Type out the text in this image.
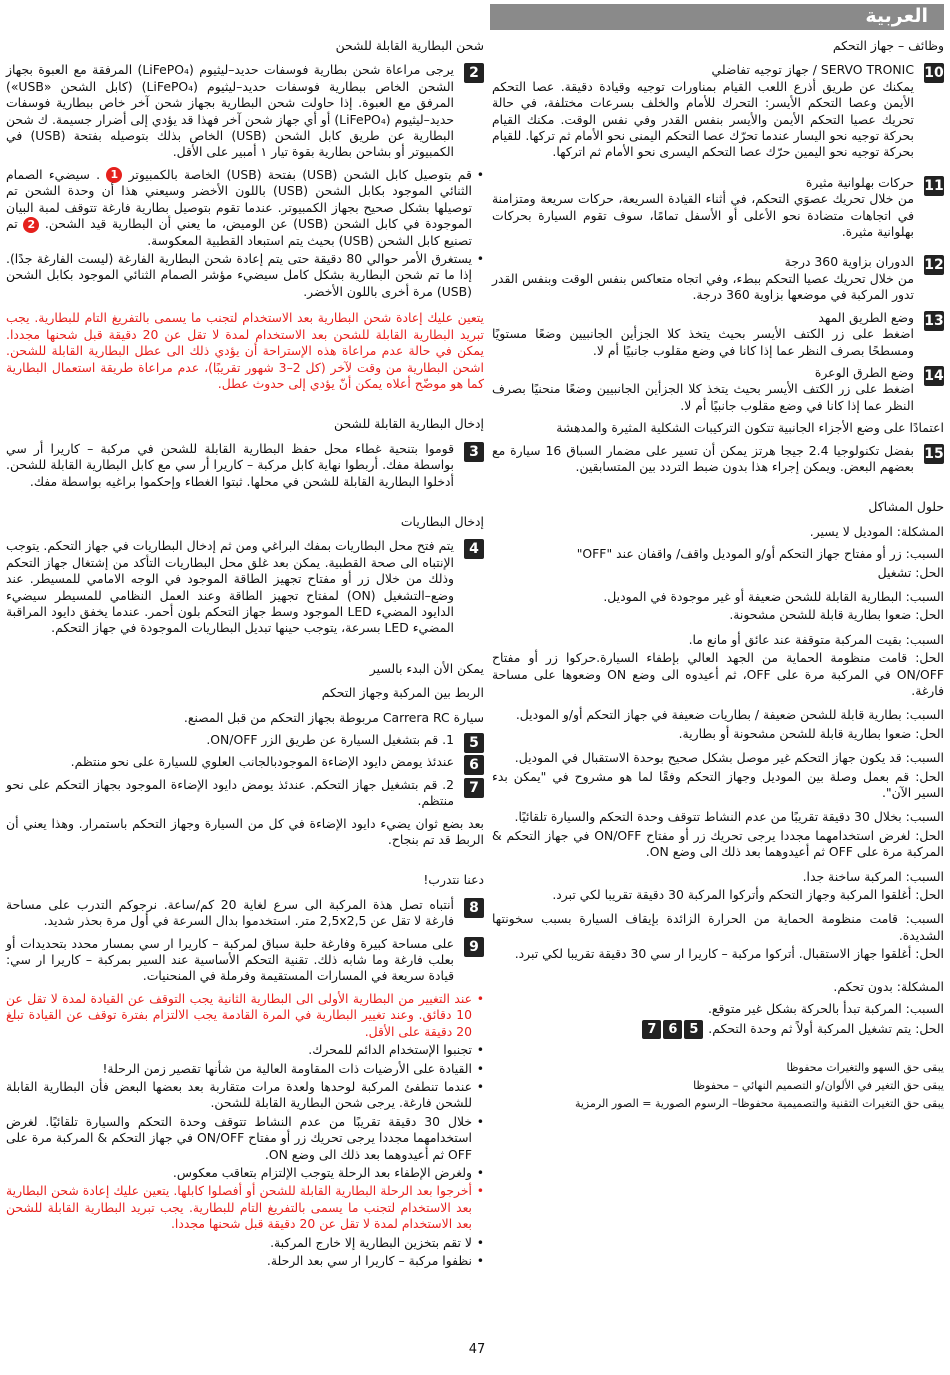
العربية
شحن البطارية القابلة للشحن
2

يرجى مراعاة شحن بطارية فوسفات حديد–ليثيوم (LiFePO₄) المرفقة مع العبوة بجهاز الشحن الخاص ببطارية فوسفات حديد–ليثيوم (LiFePO₄) (كابل الشحن «USB») المرفق مع العبوة. إذا حاولت شحن البطارية بجهاز شحن آخر خاص ببطارية فوسفات حديد–ليثيوم (LiFePO₄) أو أي جهاز شحن آخر فهذا قد يؤدي إلى أضرار جسيمة. ك شحن البطارية عن طريق كابل الشحن (USB) الخاص بذلك بتوصيله بفتحة (USB) في الكمبيوتر أو بشاحن بطارية بقوة تيار ١ أمبير على الأقل.

• قم بتوصيل كابل الشحن (USB) بفتحة (USB) الخاصة بالكمبيوتر 1 . سيضيء الصمام الثنائي الموجود بكابل الشحن (USB) باللون الأخضر وسيعني هذا أن وحدة الشحن تم توصيلها بشكل صحيح بجهاز الكمبيوتر. عندما تقوم بتوصيل بطارية فارغة تتوقف لمبة البيان الموجودة في كابل الشحن (USB) عن الوميض، ما يعني أن البطارية قيد الشحن. 2 تم تصنيع كابل الشحن (USB) بحيث يتم استبعاد القطبية المعكوسة.
• يستغرق الأمر حوالي 80 دقيقة حتى يتم إعادة شحن البطارية الفارغة (ليست الفارغة جدًا). إذا ما تم شحن البطارية بشكل كامل سيضيء مؤشر الصمام الثنائي الموجود بكابل الشحن (USB) مرة أخرى باللون الأخضر.

يتعين عليك إعادة شحن البطارية بعد الاستخدام لتجنب ما يسمى بالتفريغ التام للبطارية. يجب تبريد البطارية القابلة للشحن بعد الاستخدام لمدة لا تقل عن 20 دقيقة قبل شحنها مجددا. يمكن في حالة عدم مراعاة هذه الإستراحة أن يؤدي ذلك الى عطل البطارية القابلة للشحن. اشحن البطارية من وقت لآخر (كل 2–3 شهور تقريبًا)، عدم مراعاة طريقة استعمال البطارية كما هو موضّح أعلاه يمكن أنّ يؤدي إلى حدوث عطل.

إدخال البطارية القابلة للشحن
3

قوموا بتنحية غطاء محل حفظ البطارية القابلة للشحن في مركبة – كاريرا أر سي بواسطة مفك. أربطوا نهاية كابل مركبة – كاريرا أر سي مع كابل البطارية القابلة للشحن. أدخلوا البطارية القابلة للشحن في محلها. ثبتوا الغطاء وإحكموا براغيه بواسطة مفك.

إدخال البطاريات
4

يتم فتح محل البطاريات بمفك البراغي ومن ثم إدخال البطاريات في جهاز التحكم. يتوجب الإنتباه الى صحة القطبية. يمكن بعد غلق محل البطاريات التأكد من إشتغال جهاز التحكم وذلك من خلال زر أو مفتاح تجهيز الطاقة الموجود في الوجه الامامي للمسيطر. عند وضع–التشغيل (ON) لمفتاح تجهيز الطاقة وعند العمل النظامي للمسيطر سيضيء الدايود المضيء LED الموجود وسط جهاز التحكم بلون أحمر. عندما يخفق دايود المراقبة المضيء LED بسرعة، يتوجب حينها تبديل البطاريات الموجودة في جهاز التحكم.

يمكن الأن البدء بالسير
الربط بين المركبة وجهاز التحكم

سيارة Carrera RC مربوطة بجهاز التحكم من قبل المصنع.

5

1. قم بتشغيل السيارة عن طريق الزر ON/OFF.

6

عندئذ يومض دايود الإضاءة الموجودبالجانب العلوي للسيارة على نحو منتظم.

7

2. قم بتشغيل جهاز التحكم. عندئذ يومض دايود الإضاءة الموجود بجهاز التحكم على نحو منتظم.

بعد بضع ثوان يضيء دايود الإضاءة في كل من السيارة وجهاز التحكم باستمرار. وهذا يعني أن الربط قد تم بنجاح.

دعنا نتدرب!
8

أنتباه تصل هذة المركبة الى سرع لغاية 20 كم/ساعة. نرجوكم التدرب على مساحة فارغة لا تقل عن 2,5x2,5 متر. استخدموا بدال السرعة في أول مرة بحذر شديد.

9

على مساحة كبيرة وفارغة حلبة سباق لمركبة – كاريرا ار سي بمسار محدد بتحديدات أو بعلب فارغة وما شابه ذلك. تقنية التحكم الأساسية عند السير بمركبة – كاريرا ار سي: قيادة سريعة في المسارات المستقيمة وفرملة في المنحنيات.

• عند التغيير من البطارية الأولى الى البطارية الثانية يجب التوقف عن القيادة لمدة لا تقل عن 10 دقائق. وعند تغيير البطارية في المرة القادمة يجب الالتزام بفترة توقف عن القيادة تبلغ 20 دقيقة على الأقل.
• تجنبوا الإستخدام الدائم للمحرك.
• القيادة على الأرضيات ذات المقاومة العالية من شأنها تقصير زمن الرحلة!
• عندما تنطفئ المركبة لوحدها ولعدة مرات متقاربة بعد بعضها البعض فأن البطارية القابلة للشحن فارغة. يرجى شحن البطارية القابلة للشحن.
• خلال 30 دقيقة تقريبًا من عدم النشاط تتوقف وحدة التحكم والسيارة تلقائيًا. لغرض استخدامهما مجددا يرجى تحريك زر أو مفتاح ON/OFF في جهاز التحكم & المركبة مرة على OFF ثم أعيدوهما بعد ذلك الى وضع ON.
• ولغرض الإطفاء بعد الرحلة يتوجب الإلتزام بتعاقب معكوس.
• أخرجوا بعد الرحلة البطارية القابلة للشحن أو أفصلوا كابلها. يتعين عليك إعادة شحن البطارية بعد الاستخدام لتجنب ما يسمى بالتفريغ التام للبطارية. يجب تبريد البطارية القابلة للشحن بعد الاستخدام لمدة لا تقل عن 20 دقيقة قبل شحنها مجددا.
• لا تقم بتخزين البطارية إلا خارج المركبة.
• نظفوا مركبة – كاريرا ار سي بعد الرحلة.
وظائف – جهاز التحكم
10

SERVO TRONIC / جهاز توجيه تفاضلي

يمكنك عن طريق أذرع اللعب القيام بمناورات توجيه وقيادة دقيقة. عصا التحكم الأيمن وعصا التحكم الأيسر: التحرك للأمام والخلف بسرعات مختلفة، في حالة تحريك عصيا التحكم الأيمن والأيسر بنفس القدر وفي نفس الوقت. مكنك القيام بحركة توجيه نحو اليسار عندما تحرّك عصا التحكم اليمنى نحو الأمام ثم تركها. للقيام بحركة توجيه نحو اليمين حرّك عصا التحكم اليسرى نحو الأمام ثم اتركها.

11

حركات بهلوانية مثيرة

من خلال تحريك عصوَي التحكم، في أثناء القيادة السريعة، حركات سريعة ومتزامنة في اتجاهات متضادة نحو الأعلى أو الأسفل تمامًا، سوف تقوم السيارة بحركات بهلوانية مثيرة.

12

الدوران بزاوية 360 درجة

من خلال تحريك عصيا التحكم ببطء، وفي اتجاه متعاكس بنفس الوقت وبنفس القدر تدور المركبة في موضعها بزاوية 360 درجة.

13

وضع الطريق المهد

اضغط على زر الكتف الأيسر بحيث يتخذ كلا الجزأين الجانبيين وضعًا مستويًا ومسطحًا بصرف النظر عما إذا كانا في وضع مقلوب جانبيًا أم لا.

14

وضع الطرق الوعرة

اضغط على زر الكتف الأيسر بحيث يتخذ كلا الجزأين الجانبيين وضعًا منحنيًا بصرف النظر عما إذا كانا في وضع مقلوب جانبيًا أم لا.

اعتمادًا على وضع الأجزاء الجانبية تتكون التركيبات الشكلية المثيرة والمدهشة

15

بفضل تكنولوجيا 2.4 جيجا هرتز يمكن أن تسير على مضمار السباق 16 سيارة مع بعضهم البعض. ويمكن إجراء هذا بدون ضبط التردد بين المتسابقين.

حلول المشاكل

المشكلة: الموديل لا يسير.

السبب: زر أو مفتاح جهاز التحكم أو/و الموديل واقف/ واقفان عند "OFF"

الحل: تشغيل

السبب: البطارية القابلة للشحن ضعيفة أو غير موجودة في الموديل.

الحل: ضعوا بطارية قابلة للشحن مشحونة.

السبب: بقيت المركبة متوقفة عند عائق أو مانع ما.

الحل: قامت منظومة الحماية من الجهد العالي بإطفاء السيارة.حركوا زر أو مفتاح ON/OFF في المركبة مرة على OFF، ثم أعيدوه الى وضع ON وضعوها على مساحة فارغة.

السبب: بطارية قابلة للشحن ضعيفة / بطاريات ضعيفة في جهاز التحكم أو/و الموديل.

الحل: ضعوا بطارية قابلة للشحن مشحونة أو بطارية.

السبب: قد يكون جهاز التحكم غير موصل بشكل صحيح بوحدة الاستقبال في الموديل.

الحل: قم بعمل وصلة بين الموديل وجهاز التحكم وفقًا لما هو مشروح في "يمكن بدء السير الآن".

السبب: بخلال 30 دقيقة تقريبًا من عدم النشاط تتوقف وحدة التحكم والسيارة تلقائيًا.

الحل: لغرض استخدامهما مجددا يرجى تحريك زر أو مفتاح ON/OFF في جهاز التحكم & المركبة مرة على OFF ثم أعيدوهما بعد ذلك الى وضع ON.

السبب: المركبة ساخنة جدا.

الحل: أغلقوا المركبة وجهاز التحكم وأتركوا المركبة 30 دقيقة تقريبا لكي تبرد.

السبب: قامت منظومة الحماية من الحرارة الزائدة بإيقاف السيارة بسبب سخونتها الشديدة.

الحل: أغلقوا جهاز الاستقبال. أتركوا مركبة – كاريرا ار سي 30 دقيقة تقريبا لكي تبرد.

المشكلة: بدون تحكم.

السبب: المركبة تبدأ بالحركة بشكل غير متوقع.

الحل: يتم تشغيل المركبة أولاً ثم وحدة التحكم. 567

يبقى حق السهو والتغيرات محفوظا

يبقى حق التغير في الألوان/و التصميم النهائي – محفوظا

يبقى حق التغيرات التقنية والتصميمية محفوظا– الرسوم الصورية = الصور الرمزية

47
